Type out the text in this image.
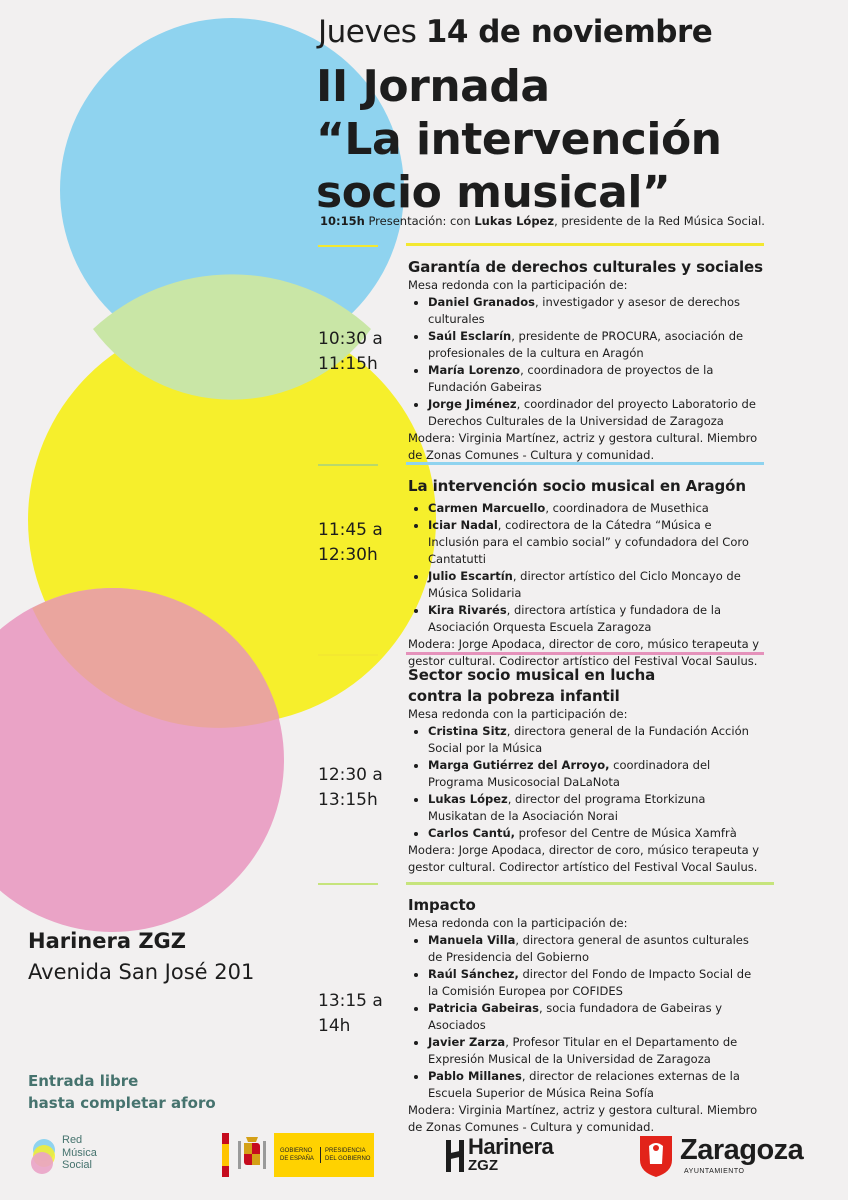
Jueves 14 de noviembre
II Jornada
“La intervención
socio musical”
10:15h Presentación: con Lukas López, presidente de la Red Música Social.
10:30 a
11:15h
11:45 a
12:30h
12:30 a
13:15h
13:15 a
14h
Garantía de derechos culturales y sociales
Mesa redonda con la participación de:
• Daniel Granados, investigador y asesor de derechos culturales
• Saúl Esclarín, presidente de PROCURA, asociación de profesionales de la cultura en Aragón
• María Lorenzo, coordinadora de proyectos de la Fundación Gabeiras
• Jorge Jiménez, coordinador del proyecto Laboratorio de Derechos Culturales de la Universidad de Zaragoza
Modera: Virginia Martínez, actriz y gestora cultural. Miembro de Zonas Comunes - Cultura y comunidad.
La intervención socio musical en Aragón
• Carmen Marcuello, coordinadora de Musethica
• Iciar Nadal, codirectora de la Cátedra “Música e Inclusión para el cambio social” y cofundadora del Coro Cantatutti
• Julio Escartín, director artístico del Ciclo Moncayo de Música Solidaria
• Kira Rivarés, directora artística y fundadora de la Asociación Orquesta Escuela Zaragoza
Modera: Jorge Apodaca, director de coro, músico terapeuta y gestor cultural. Codirector artístico del Festival Vocal Saulus.
Sector socio musical en lucha
contra la pobreza infantil
Mesa redonda con la participación de:
• Cristina Sitz, directora general de la Fundación Acción Social por la Música
• Marga Gutiérrez del Arroyo, coordinadora del Programa Musicosocial DaLaNota
• Lukas López, director del programa Etorkizuna Musikatan de la Asociación Norai
• Carlos Cantú, profesor del Centre de Música Xamfrà
Modera: Jorge Apodaca, director de coro, músico terapeuta y gestor cultural. Codirector artístico del Festival Vocal Saulus.
Impacto
Mesa redonda con la participación de:
• Manuela Villa, directora general de asuntos culturales de Presidencia del Gobierno
• Raúl Sánchez, director del Fondo de Impacto Social de la Comisión Europea por COFIDES
• Patricia Gabeiras, socia fundadora de Gabeiras y Asociados
• Javier Zarza, Profesor Titular en el Departamento de Expresión Musical de la Universidad de Zaragoza
• Pablo Millanes, director de relaciones externas de la Escuela Superior de Música Reina Sofía
Modera: Virginia Martínez, actriz y gestora cultural. Miembro de Zonas Comunes - Cultura y comunidad.
Harinera ZGZ
Avenida San José 201
Entrada libre
hasta completar aforo
Red
Música
Social
GOBIERNO
DE ESPAÑA
PRESIDENCIA
DEL GOBIERNO	Harinera
ZGZ	Zaragoza
AYUNTAMIENTO
